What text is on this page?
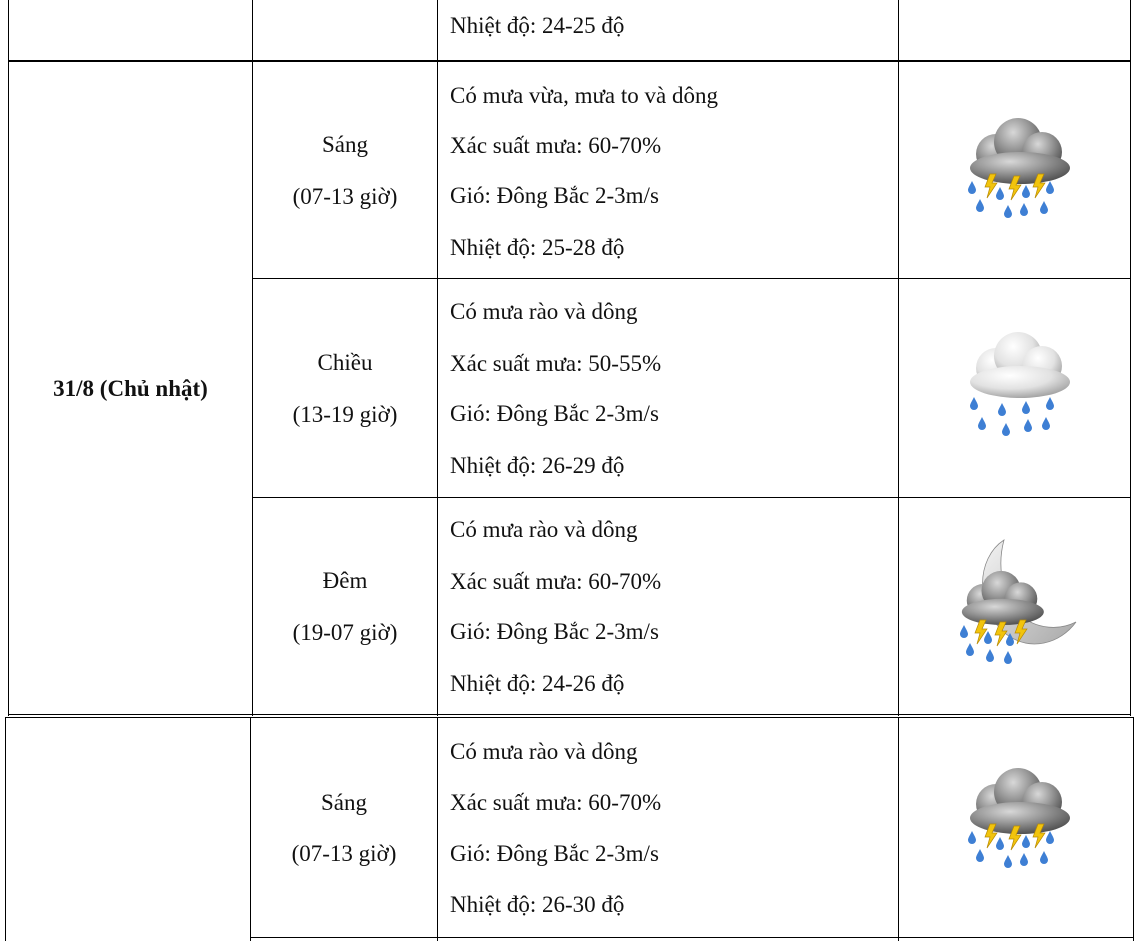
Nhiệt độ: 24-25 độ
31/8 (Chủ nhật)
Sáng
(07-13 giờ)
Có mưa vừa, mưa to và dông
Xác suất mưa: 60-70%
Gió: Đông Bắc 2-3m/s
Nhiệt độ: 25-28 độ
Chiều
(13-19 giờ)
Có mưa rào và dông
Xác suất mưa: 50-55%
Gió: Đông Bắc 2-3m/s
Nhiệt độ: 26-29 độ
Đêm
(19-07 giờ)
Có mưa rào và dông
Xác suất mưa: 60-70%
Gió: Đông Bắc 2-3m/s
Nhiệt độ: 24-26 độ
Sáng
(07-13 giờ)
Có mưa rào và dông
Xác suất mưa: 60-70%
Gió: Đông Bắc 2-3m/s
Nhiệt độ: 26-30 độ
